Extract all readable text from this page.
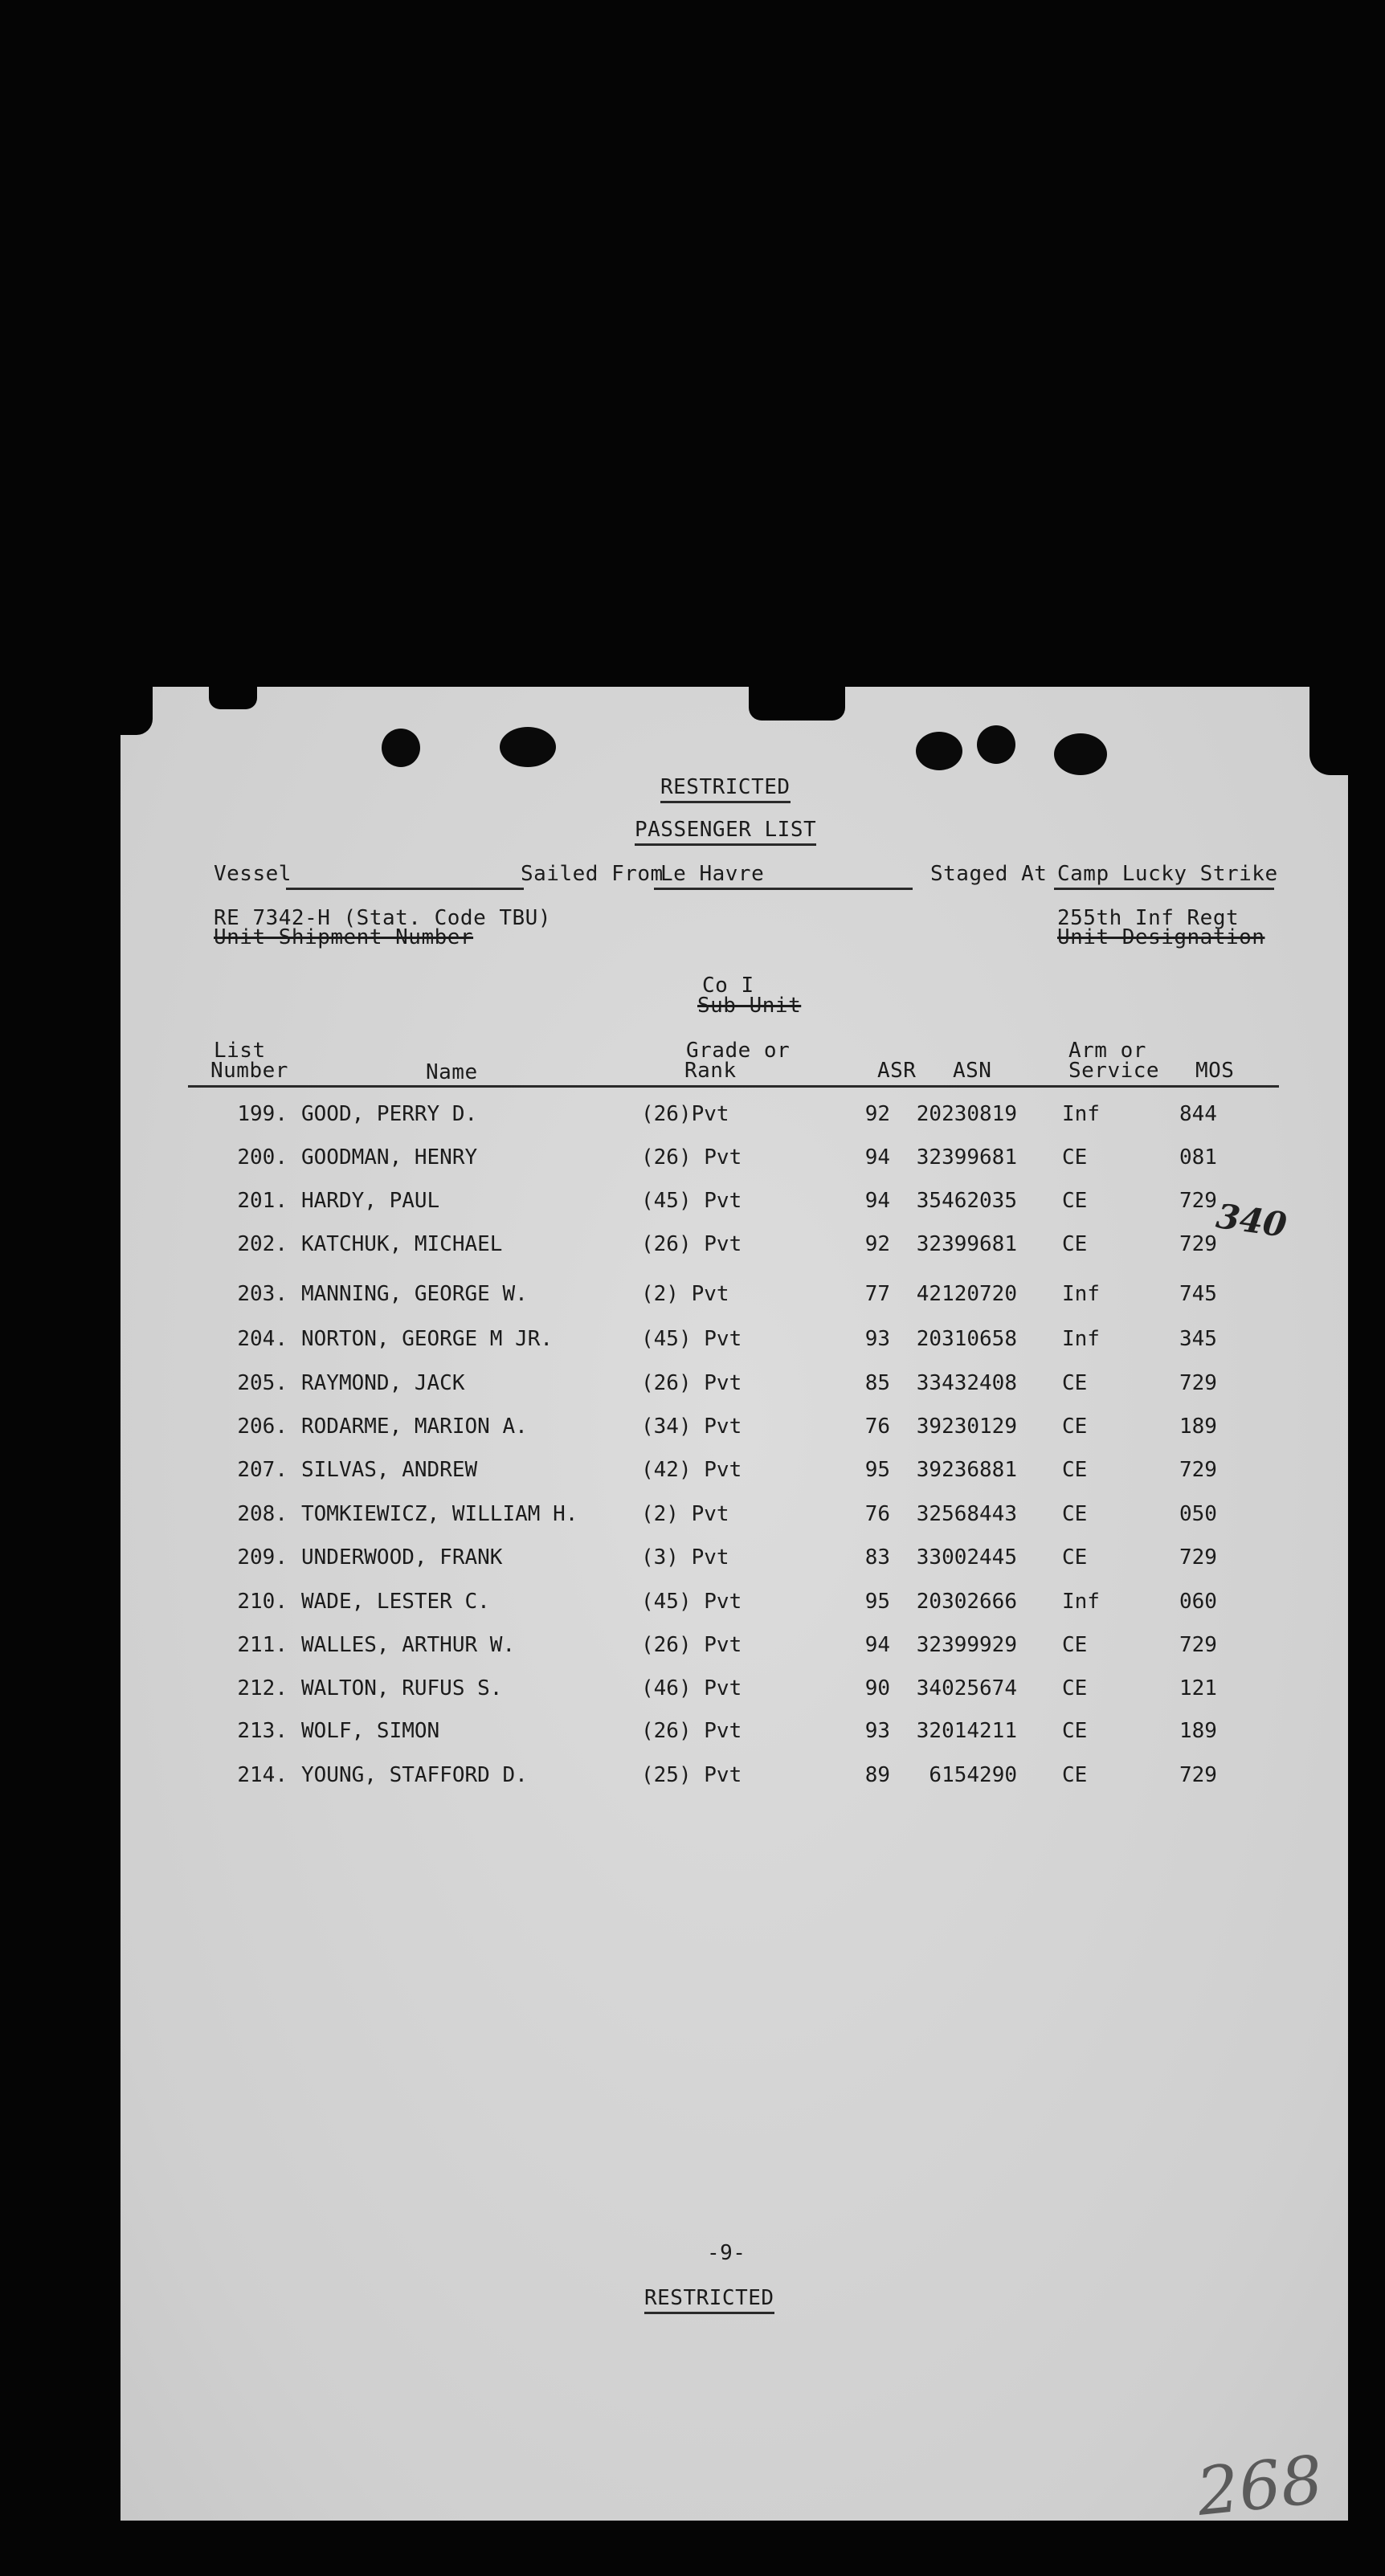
RESTRICTED
PASSENGER LIST
Vessel	Sailed From
Le Havre	Staged At Camp Lucky Strike
RE 7342-H (Stat. Code TBU)
Unit Shipment Number
255th Inf Regt
Unit Designation
Co I
Sub-Unit
List
Number	Name
Grade or
Rank	ASR ASN
Arm or
Service MOS
199. GOOD, PERRY D.	(26)Pvt	92	20230819 Inf	844
200. GOODMAN, HENRY	(26) Pvt	94	32399681 CE	081
201. HARDY, PAUL	(45) Pvt	94	35462035 CE	729
202. KATCHUK, MICHAEL	(26) Pvt	92	32399681 CE	729
203. MANNING, GEORGE W.	(2) Pvt	77	42120720 Inf	745
204. NORTON, GEORGE M JR.	(45) Pvt	93	20310658 Inf	345
205. RAYMOND, JACK	(26) Pvt	85	33432408 CE	729
206. RODARME, MARION A.	(34) Pvt	76	39230129 CE	189
207. SILVAS, ANDREW	(42) Pvt	95	39236881 CE	729
208. TOMKIEWICZ, WILLIAM H.	(2) Pvt	76	32568443 CE	050
209. UNDERWOOD, FRANK	(3) Pvt	83	33002445 CE	729
210. WADE, LESTER C.	(45) Pvt	95	20302666 Inf	060
211. WALLES, ARTHUR W.	(26) Pvt	94	32399929 CE	729
212. WALTON, RUFUS S.	(46) Pvt	90	34025674 CE	121
213. WOLF, SIMON	(26) Pvt	93	32014211 CE	189
214. YOUNG, STAFFORD D.	(25) Pvt	89	6154290 CE	729
340
-9-
RESTRICTED
268
